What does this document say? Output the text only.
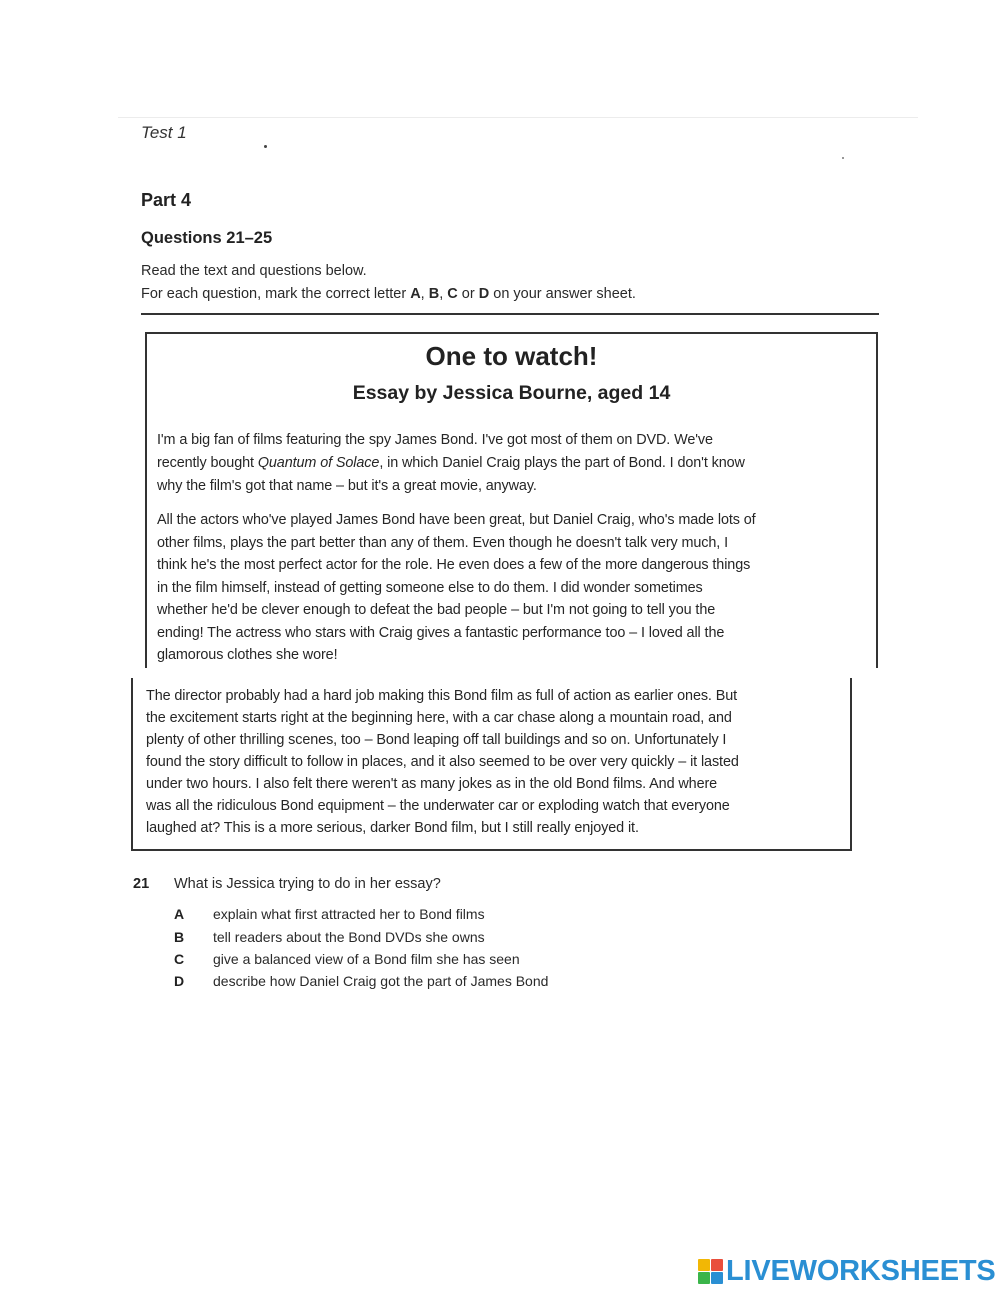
Test 1
Part 4
Questions 21–25
Read the text and questions below.
For each question, mark the correct letter A, B, C or D on your answer sheet.
One to watch!
Essay by Jessica Bourne, aged 14
I'm a big fan of films featuring the spy James Bond. I've got most of them on DVD. We've
recently bought Quantum of Solace, in which Daniel Craig plays the part of Bond. I don't know
why the film's got that name – but it's a great movie, anyway.
All the actors who've played James Bond have been great, but Daniel Craig, who's made lots of
other films, plays the part better than any of them. Even though he doesn't talk very much, I
think he's the most perfect actor for the role. He even does a few of the more dangerous things
in the film himself, instead of getting someone else to do them. I did wonder sometimes
whether he'd be clever enough to defeat the bad people – but I'm not going to tell you the
ending! The actress who stars with Craig gives a fantastic performance too – I loved all the
glamorous clothes she wore!
The director probably had a hard job making this Bond film as full of action as earlier ones. But
the excitement starts right at the beginning here, with a car chase along a mountain road, and
plenty of other thrilling scenes, too – Bond leaping off tall buildings and so on. Unfortunately I
found the story difficult to follow in places, and it also seemed to be over very quickly – it lasted
under two hours. I also felt there weren't as many jokes as in the old Bond films. And where
was all the ridiculous Bond equipment – the underwater car or exploding watch that everyone
laughed at? This is a more serious, darker Bond film, but I still really enjoyed it.
21 What is Jessica trying to do in her essay?
A explain what first attracted her to Bond films
B tell readers about the Bond DVDs she owns
C give a balanced view of a Bond film she has seen
D describe how Daniel Craig got the part of James Bond
LIVEWORKSHEETS
